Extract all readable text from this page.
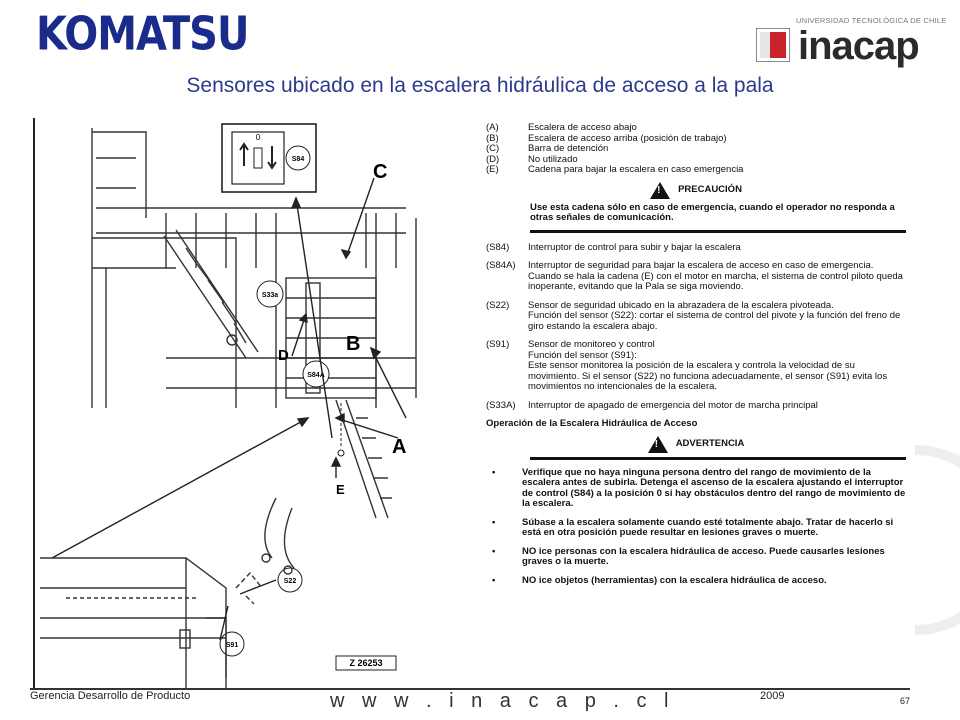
KOMATSU	UNIVERSIDAD TECNOLÓGICA DE CHILE
inacap
Sensores ubicado en la escalera hidráulica de acceso a la pala
0
S84
C
B
D
A
E
S33a
S84A
S22
S91
Z 26253
(A)	Escalera de acceso abajo
(B)	Escalera de acceso arriba (posición de trabajo)
(C)	Barra de detención
(D)	No utilizado
(E)	Cadena para bajar la escalera en caso emergencia
!
PRECAUCIÓN
Use esta cadena sólo en caso de emergencia, cuando el operador no responda a otras señales de comunicación.
(S84)	Interruptor de control para subir y bajar la escalera
(S84A)	Interruptor de seguridad para bajar la escalera de acceso en caso de emergencia. Cuando se hala la cadena (E) con el motor en marcha, el sistema de control piloto queda inoperante, evitando que la Pala se siga moviendo.
(S22)	Sensor de seguridad ubicado en la abrazadera de la escalera pivoteada.
Función del sensor (S22): cortar el sistema de control del pivote y la función del freno de giro estando la escalera abajo.
(S91)	Sensor de monitoreo y control
Función del sensor (S91):
Este sensor monitorea la posición de la escalera y controla la velocidad de su movimiento. Si el sensor (S22) no funciona adecuadamente, el sensor (S91) evita los movimientos no intencionales de la escalera.
(S33A)	Interruptor de apagado de emergencia del motor de marcha principal
Operación de la Escalera Hidráulica de Acceso
!
ADVERTENCIA
•	Verifique que no haya ninguna persona dentro del rango de movimiento de la escalera antes de subirla. Detenga el ascenso de la escalera ajustando el interruptor de control (S84) a la posición 0 si hay obstáculos dentro del rango de movimiento de la escalera.
•	Súbase a la escalera solamente cuando esté totalmente abajo. Tratar de hacerlo si está en otra posición puede resultar en lesiones graves o muerte.
•	NO ice personas con la escalera hidráulica de acceso. Puede causarles lesiones graves o la muerte.
•	NO ice objetos (herramientas) con la escalera hidráulica de acceso.
Gerencia Desarrollo de Producto	w w w . i n a c a p . c l	2009	67
